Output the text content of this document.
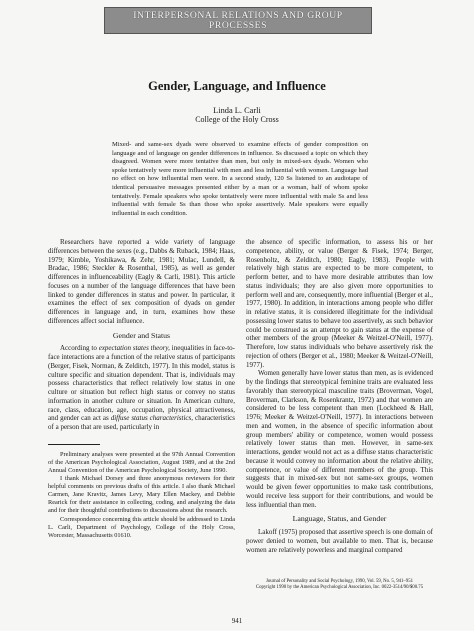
INTERPERSONAL RELATIONS AND GROUP
PROCESSES
Gender, Language, and Influence
Linda L. Carli
College of the Holy Cross
Mixed- and same-sex dyads were observed to examine effects of gender composition on language and of language on gender differences in influence. Ss discussed a topic on which they disagreed. Women were more tentative than men, but only in mixed-sex dyads. Women who spoke tentatively were more influential with men and less influential with women. Language had no effect on how influential men were. In a second study, 120 Ss listened to an audiotape of identical persuasive messages presented either by a man or a woman, half of whom spoke tentatively. Female speakers who spoke tentatively were more influential with male Ss and less influential with female Ss than those who spoke assertively. Male speakers were equally influential in each condition.

Researchers have reported a wide variety of language differences between the sexes (e.g., Dabbs & Ruback, 1984; Haas, 1979; Kimble, Yoshikawa, & Zehr, 1981; Mulac, Lundell, & Bradac, 1986; Steckler & Rosenthal, 1985), as well as gender differences in influenceability (Eagly & Carli, 1981). This article focuses on a number of the language differences that have been linked to gender differences in status and power. In particular, it examines the effect of sex composition of dyads on gender differences in language and, in turn, examines how these differences affect social influence.

Gender and Status

According to expectation states theory, inequalities in face-to-face interactions are a function of the relative status of participants (Berger, Fisek, Norman, & Zelditch, 1977). In this model, status is culture specific and situation dependent. That is, individuals may possess characteristics that reflect relatively low status in one culture or situation but reflect high status or convey no status information in another culture or situation. In American culture, race, class, education, age, occupation, physical attractiveness, and gender can act as diffuse status characteristics, characteristics of a person that are used, particularly in

Preliminary analyses were presented at the 97th Annual Convention of the American Psychological Association, August 1989, and at the 2nd Annual Convention of the American Psychological Society, June 1990.

I thank Michael Dorsey and three anonymous reviewers for their helpful comments on previous drafts of this article. I also thank Michael Carmen, Jane Kravitz, James Levy, Mary Ellen Mackey, and Debbie Rearick for their assistance in collecting, coding, and analyzing the data and for their thoughtful contributions to discussions about the research.

Correspondence concerning this article should be addressed to Linda L. Carli, Department of Psychology, College of the Holy Cross, Worcester, Massachusetts 01610.

the absence of specific information, to assess his or her competence, ability, or value (Berger & Fisek, 1974; Berger, Rosenholtz, & Zelditch, 1980; Eagly, 1983). People with relatively high status are expected to be more competent, to perform better, and to have more desirable attributes than low status individuals; they are also given more opportunities to perform well and are, consequently, more influential (Berger et al., 1977, 1980). In addition, in interactions among people who differ in relative status, it is considered illegitimate for the individual possessing lower status to behave too assertively, as such behavior could be construed as an attempt to gain status at the expense of other members of the group (Meeker & Weitzel-O'Neill, 1977). Therefore, low status individuals who behave assertively risk the rejection of others (Berger et al., 1980; Meeker & Weitzel-O'Neill, 1977).

Women generally have lower status than men, as is evidenced by the findings that stereotypical feminine traits are evaluated less favorably than stereotypical masculine traits (Broverman, Vogel, Broverman, Clarkson, & Rosenkrantz, 1972) and that women are considered to be less competent than men (Lockheed & Hall, 1976; Meeker & Weitzel-O'Neill, 1977). In interactions between men and women, in the absence of specific information about group members' ability or competence, women would possess relatively lower status than men. However, in same-sex interactions, gender would not act as a diffuse status characteristic because it would convey no information about the relative ability, competence, or value of different members of the group. This suggests that in mixed-sex but not same-sex groups, women would be given fewer opportunities to make task contributions, would receive less support for their contributions, and would be less influential than men.

Language, Status, and Gender

Lakoff (1975) proposed that assertive speech is one domain of power denied to women, but available to men. That is, because women are relatively powerless and marginal compared

Journal of Personality and Social Psychology, 1990, Vol. 59, No. 5, 941–951
Copyright 1990 by the American Psychological Association, Inc. 0022-3514/90/$00.75
941
